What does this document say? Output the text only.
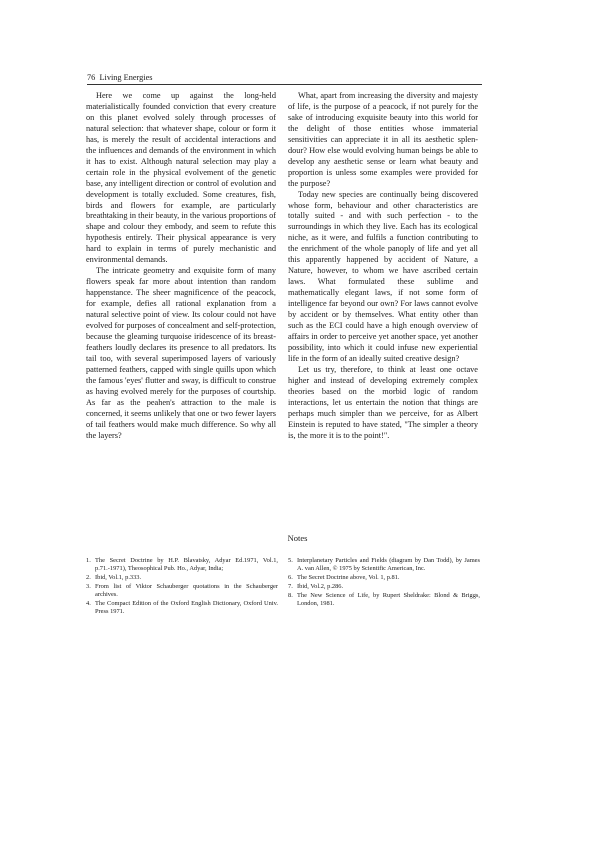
76 Living Energies

Here we come up against the long-held materialistically founded conviction that every creature on this planet evolved solely through processes of natural selection: that whatever shape, colour or form it has, is merely the result of accidental interactions and the influences and demands of the environment in which it has to exist. Although natural selection may play a certain role in the physical evolvement of the genetic base, any intelligent direction or control of evolution and development is totally excluded. Some creatures, fish, birds and flowers for example, are particularly breathtaking in their beauty, in the various proportions of shape and colour they embody, and seem to refute this hypothesis entirely. Their physical appearance is very hard to explain in terms of purely mechanistic and environmental demands.

The intricate geometry and exquisite form of many flowers speak far more about intention than random happenstance. The sheer magnificence of the peacock, for example, defies all rational explanation from a natural selective point of view. Its colour could not have evolved for purposes of concealment and self-protection, because the gleaming turquoise iridescence of its breast-feathers loudly declares its presence to all predators. Its tail too, with several superimposed layers of variously patterned feathers, capped with single quills upon which the famous 'eyes' flutter and sway, is difficult to construe as having evolved merely for the purposes of courtship. As far as the peahen's attraction to the male is concerned, it seems unlikely that one or two fewer layers of tail feathers would make much difference. So why all the layers?

What, apart from increasing the diversity and majesty of life, is the purpose of a peacock, if not purely for the sake of introducing exquisite beauty into this world for the delight of those entities whose immaterial sensitivities can appreciate it in all its aesthetic splendour? How else would evolving human beings be able to develop any aesthetic sense or learn what beauty and proportion is unless some examples were provided for the purpose?

Today new species are continually being discovered whose form, behaviour and other characteristics are totally suited - and with such perfection - to the surroundings in which they live. Each has its ecological niche, as it were, and fulfils a function contributing to the enrichment of the whole panoply of life and yet all this apparently happened by accident of Nature, a Nature, however, to whom we have ascribed certain laws. What formulated these sublime and mathematically elegant laws, if not some form of intelligence far beyond our own? For laws cannot evolve by accident or by themselves. What entity other than such as the ECI could have a high enough overview of affairs in order to perceive yet another space, yet another possibility, into which it could infuse new experiential life in the form of an ideally suited creative design?

Let us try, therefore, to think at least one octave higher and instead of developing extremely complex theories based on the morbid logic of random interactions, let us entertain the notion that things are perhaps much simpler than we perceive, for as Albert Einstein is reputed to have stated, "The simpler a theory is, the more it is to the point!".

Notes
1. The Secret Doctrine by H.P. Blavatsky, Adyar Ed.1971, Vol.1, p.71.-1971), Theosophical Pub. Ho., Adyar, India;
2. Ibid, Vol.1, p.333.
3. From list of Viktor Schauberger quotations in the Schauberger archives.
4. The Compact Edition of the Oxford English Dictionary, Oxford Univ. Press 1971.
5. Interplanetary Particles and Fields (diagram by Dan Todd), by James A. van Allen, © 1975 by Scientific American, Inc.
6. The Secret Doctrine above, Vol. 1, p.81.
7. Ibid, Vol.2, p.286.
8. The New Science of Life, by Rupert Sheldrake: Blond & Briggs, London, 1981.
